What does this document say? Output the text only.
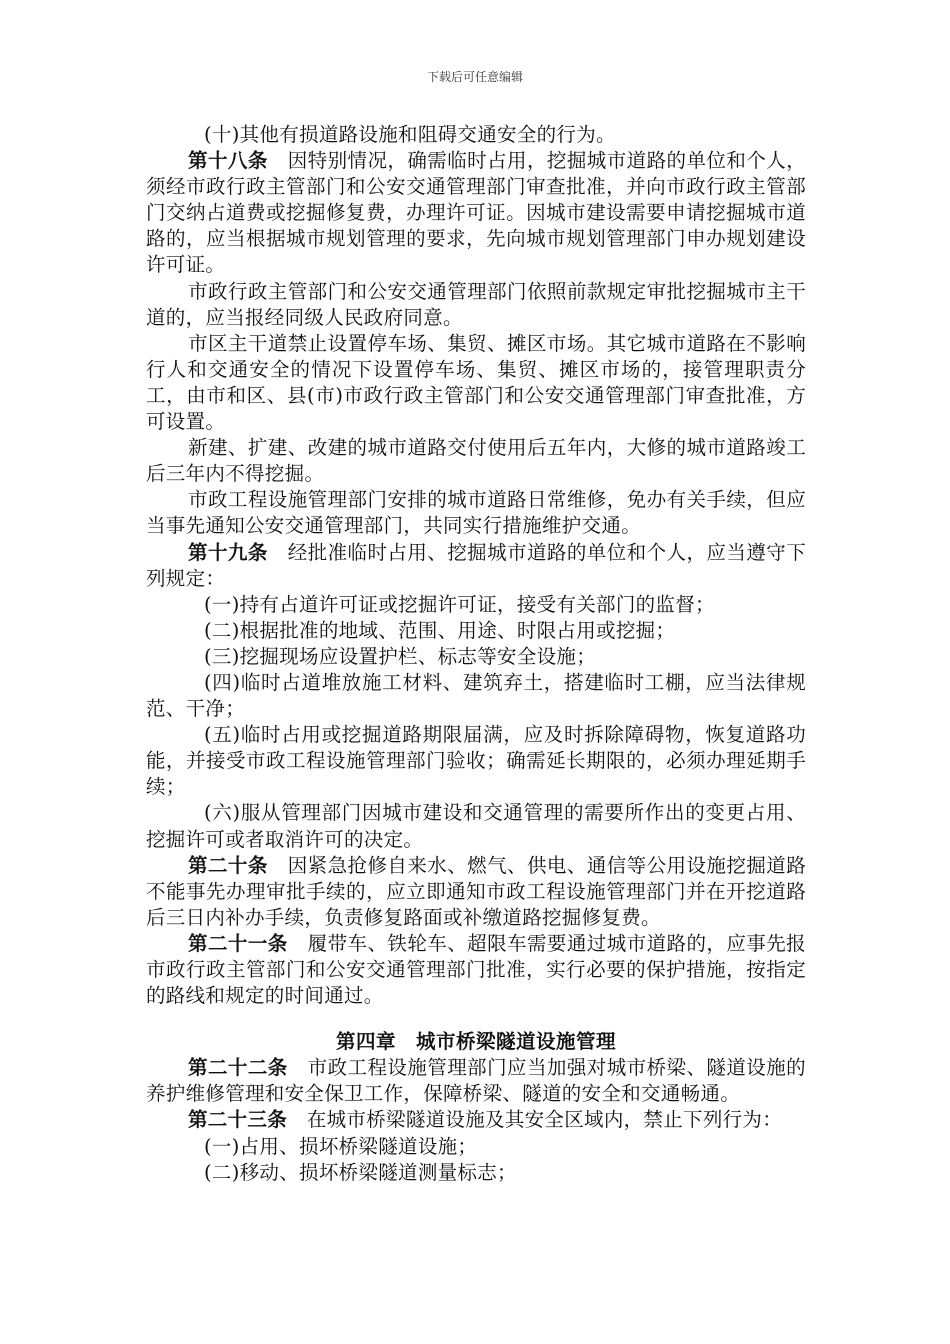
下载后可任意编辑

(十)其他有损道路设施和阻碍交通安全的行为。

第十八条　因特别情况，确需临时占用，挖掘城市道路的单位和个人，须经市政行政主管部门和公安交通管理部门审查批准，并向市政行政主管部门交纳占道费或挖掘修复费，办理许可证。因城市建设需要申请挖掘城市道路的，应当根据城市规划管理的要求，先向城市规划管理部门申办规划建设许可证。

市政行政主管部门和公安交通管理部门依照前款规定审批挖掘城市主干道的，应当报经同级人民政府同意。

市区主干道禁止设置停车场、集贸、摊区市场。其它城市道路在不影响行人和交通安全的情况下设置停车场、集贸、摊区市场的，接管理职责分工，由市和区、县(市)市政行政主管部门和公安交通管理部门审查批准，方可设置。

新建、扩建、改建的城市道路交付使用后五年内，大修的城市道路竣工后三年内不得挖掘。

市政工程设施管理部门安排的城市道路日常维修，免办有关手续，但应当事先通知公安交通管理部门，共同实行措施维护交通。

第十九条　经批准临时占用、挖掘城市道路的单位和个人，应当遵守下列规定：

(一)持有占道许可证或挖掘许可证，接受有关部门的监督；

(二)根据批准的地域、范围、用途、时限占用或挖掘；

(三)挖掘现场应设置护栏、标志等安全设施；

(四)临时占道堆放施工材料、建筑弃土，搭建临时工棚，应当法律规范、干净；

(五)临时占用或挖掘道路期限届满，应及时拆除障碍物，恢复道路功能，并接受市政工程设施管理部门验收；确需延长期限的，必须办理延期手续；

(六)服从管理部门因城市建设和交通管理的需要所作出的变更占用、挖掘许可或者取消许可的决定。

第二十条　因紧急抢修自来水、燃气、供电、通信等公用设施挖掘道路不能事先办理审批手续的，应立即通知市政工程设施管理部门并在开挖道路后三日内补办手续，负责修复路面或补缴道路挖掘修复费。

第二十一条　履带车、铁轮车、超限车需要通过城市道路的，应事先报市政行政主管部门和公安交通管理部门批准，实行必要的保护措施，按指定的路线和规定的时间通过。

第四章　城市桥梁隧道设施管理

第二十二条　市政工程设施管理部门应当加强对城市桥梁、隧道设施的养护维修管理和安全保卫工作，保障桥梁、隧道的安全和交通畅通。

第二十三条　在城市桥梁隧道设施及其安全区域内，禁止下列行为：

(一)占用、损坏桥梁隧道设施；

(二)移动、损坏桥梁隧道测量标志；
